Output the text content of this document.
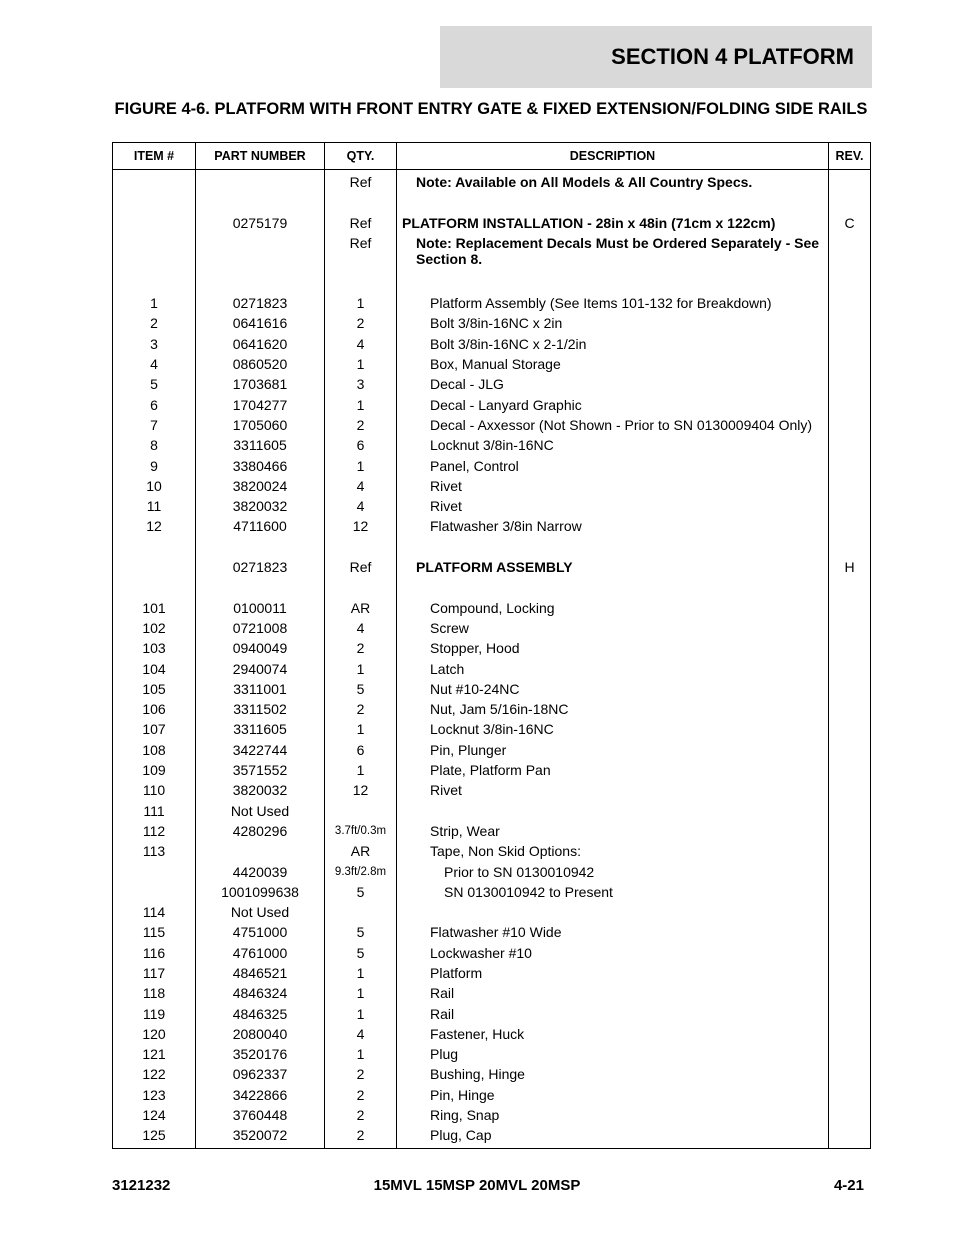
SECTION 4 PLATFORM
FIGURE 4-6. PLATFORM WITH FRONT ENTRY GATE & FIXED EXTENSION/FOLDING SIDE RAILS
ITEM #	PART NUMBER	QTY.	DESCRIPTION	REV.
		Ref	Note: Available on All Models & All Country Specs.	

	0275179	Ref	PLATFORM INSTALLATION - 28in x 48in (71cm x 122cm)	C
		Ref	Note: Replacement Decals Must be Ordered Separately - See Section 8.	

1	0271823	1	Platform Assembly (See Items 101-132 for Breakdown)	
2	0641616	2	Bolt 3/8in-16NC x 2in	
3	0641620	4	Bolt 3/8in-16NC x 2-1/2in	
4	0860520	1	Box, Manual Storage	
5	1703681	3	Decal - JLG	
6	1704277	1	Decal - Lanyard Graphic	
7	1705060	2	Decal - Axxessor (Not Shown - Prior to SN 0130009404 Only)	
8	3311605	6	Locknut 3/8in-16NC	
9	3380466	1	Panel, Control	
10	3820024	4	Rivet	
11	3820032	4	Rivet	
12	4711600	12	Flatwasher 3/8in Narrow	

	0271823	Ref	PLATFORM ASSEMBLY	H

101	0100011	AR	Compound, Locking	
102	0721008	4	Screw	
103	0940049	2	Stopper, Hood	
104	2940074	1	Latch	
105	3311001	5	Nut #10-24NC	
106	3311502	2	Nut, Jam 5/16in-18NC	
107	3311605	1	Locknut 3/8in-16NC	
108	3422744	6	Pin, Plunger	
109	3571552	1	Plate, Platform Pan	
110	3820032	12	Rivet	
111	Not Used			
112	4280296	3.7ft/0.3m	Strip, Wear	
113		AR	Tape, Non Skid Options:	
	4420039	9.3ft/2.8m	Prior to SN 0130010942	
	1001099638	5	SN 0130010942 to Present	
114	Not Used			
115	4751000	5	Flatwasher #10 Wide	
116	4761000	5	Lockwasher #10	
117	4846521	1	Platform	
118	4846324	1	Rail	
119	4846325	1	Rail	
120	2080040	4	Fastener, Huck	
121	3520176	1	Plug	
122	0962337	2	Bushing, Hinge	
123	3422866	2	Pin, Hinge	
124	3760448	2	Ring, Snap	
125	3520072	2	Plug, Cap	
3121232	15MVL 15MSP 20MVL 20MSP	4-21
